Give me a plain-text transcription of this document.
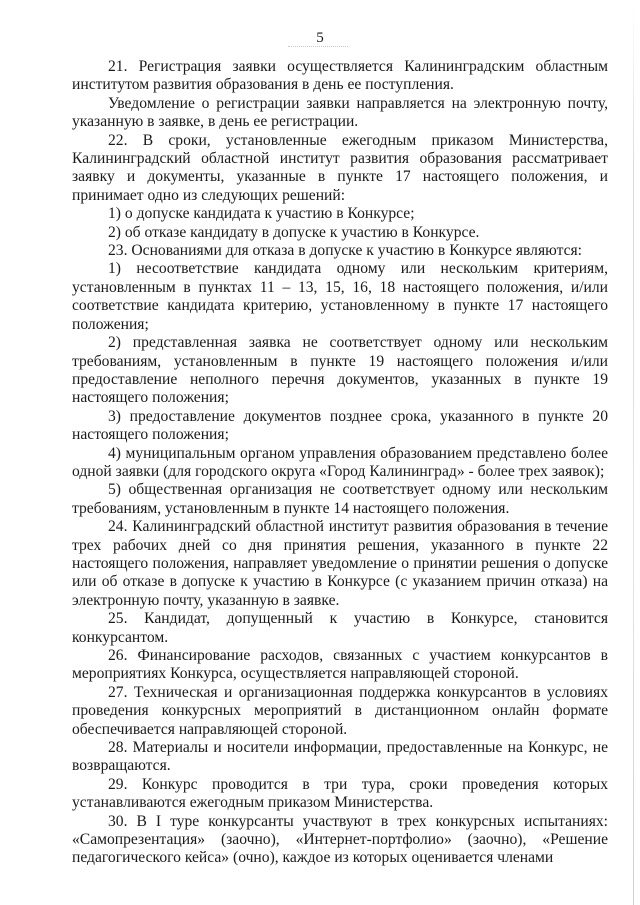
5

21. Регистрация заявки осуществляется Калининградским областным институтом развития образования в день ее поступления.

Уведомление о регистрации заявки направляется на электронную почту, указанную в заявке, в день ее регистрации.

22. В сроки, установленные ежегодным приказом Министерства, Калининградский областной институт развития образования рассматривает заявку и документы, указанные в пункте 17 настоящего положения, и принимает одно из следующих решений:

1) о допуске кандидата к участию в Конкурсе;

2) об отказе кандидату в допуске к участию в Конкурсе.

23. Основаниями для отказа в допуске к участию в Конкурсе являются:

1) несоответствие кандидата одному или нескольким критериям, установленным в пунктах 11 – 13, 15, 16, 18 настоящего положения, и/или соответствие кандидата критерию, установленному в пункте 17 настоящего положения;

2) представленная заявка не соответствует одному или нескольким требованиям, установленным в пункте 19 настоящего положения и/или предоставление неполного перечня документов, указанных в пункте 19 настоящего положения;

3) предоставление документов позднее срока, указанного в пункте 20 настоящего положения;

4) муниципальным органом управления образованием представлено более одной заявки (для городского округа «Город Калининград» - более трех заявок);

5) общественная организация не соответствует одному или нескольким требованиям, установленным в пункте 14 настоящего положения.

24. Калининградский областной институт развития образования в течение трех рабочих дней со дня принятия решения, указанного в пункте 22 настоящего положения, направляет уведомление о принятии решения о допуске или об отказе в допуске к участию в Конкурсе (с указанием причин отказа) на электронную почту, указанную в заявке.

25. Кандидат, допущенный к участию в Конкурсе, становится конкурсантом.

26. Финансирование расходов, связанных с участием конкурсантов в мероприятиях Конкурса, осуществляется направляющей стороной.

27. Техническая и организационная поддержка конкурсантов в условиях проведения конкурсных мероприятий в дистанционном онлайн формате обеспечивается направляющей стороной.

28. Материалы и носители информации, предоставленные на Конкурс, не возвращаются.

29. Конкурс проводится в три тура, сроки проведения которых устанавливаются ежегодным приказом Министерства.

30. В I туре конкурсанты участвуют в трех конкурсных испытаниях: «Самопрезентация» (заочно), «Интернет-портфолио» (заочно), «Решение педагогического кейса» (очно), каждое из которых оценивается членами
